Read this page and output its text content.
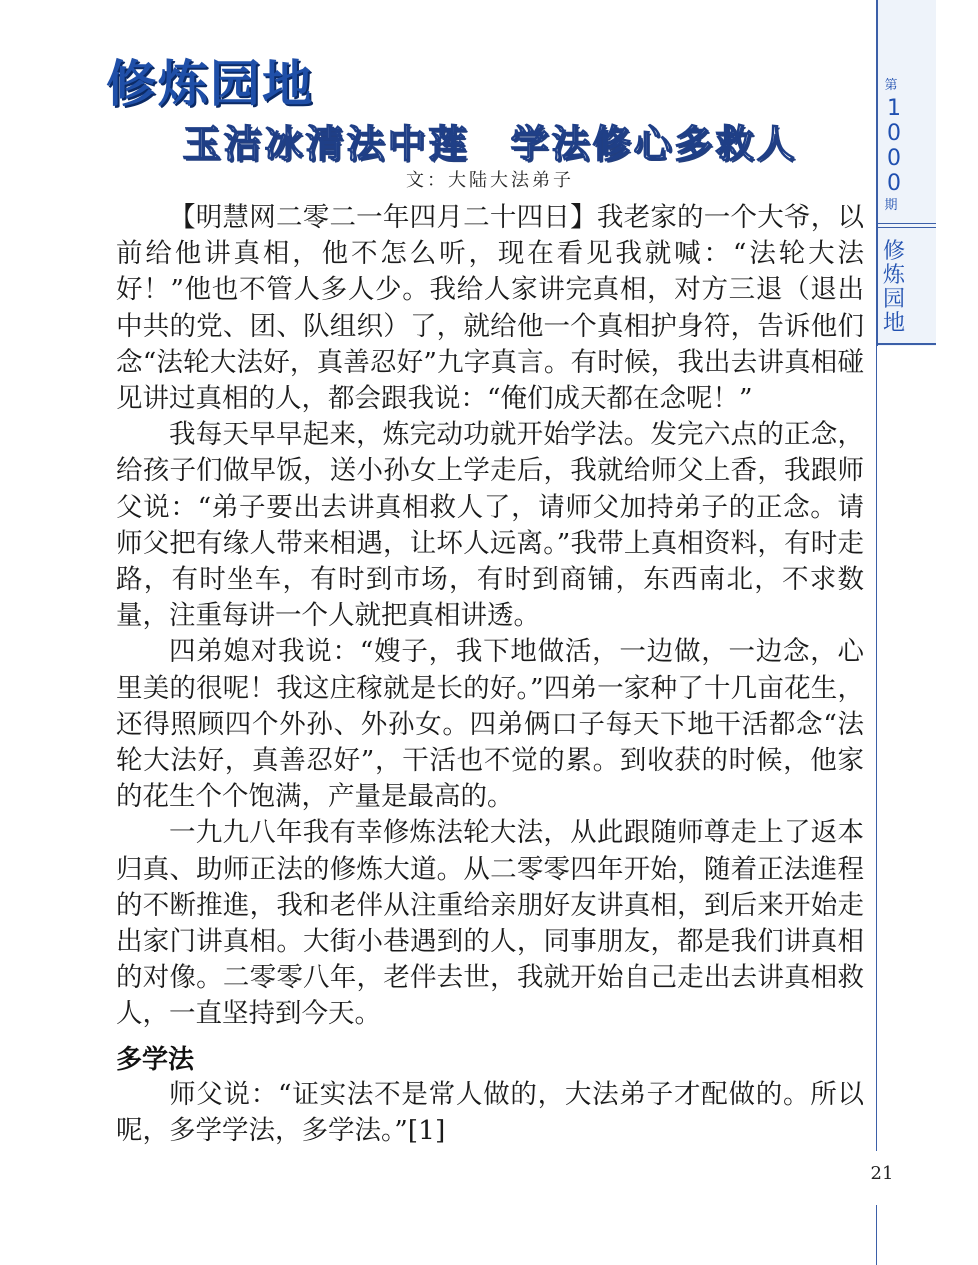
修炼园地
玉洁冰清法中莲　学法修心多救人
文：大陆大法弟子

【明慧网二零二一年四月二十四日】我老家的一个大爷，以前给他讲真相，他不怎么听，现在看见我就喊：“法轮大法好！”他也不管人多人少。我给人家讲完真相，对方三退（退出中共的党、团、队组织）了，就给他一个真相护身符，告诉他们念“法轮大法好，真善忍好”九字真言。有时候，我出去讲真相碰见讲过真相的人，都会跟我说：“俺们成天都在念呢！”

我每天早早起来，炼完动功就开始学法。发完六点的正念，给孩子们做早饭，送小孙女上学走后，我就给师父上香，我跟师父说：“弟子要出去讲真相救人了，请师父加持弟子的正念。请师父把有缘人带来相遇，让坏人远离。”我带上真相资料，有时走路，有时坐车，有时到市场，有时到商铺，东西南北，不求数量，注重每讲一个人就把真相讲透。

四弟媳对我说：“嫂子，我下地做活，一边做，一边念，心里美的很呢！我这庄稼就是长的好。”四弟一家种了十几亩花生，还得照顾四个外孙、外孙女。四弟俩口子每天下地干活都念“法轮大法好，真善忍好”，干活也不觉的累。到收获的时候，他家的花生个个饱满，产量是最高的。

一九九八年我有幸修炼法轮大法，从此跟随师尊走上了返本归真、助师正法的修炼大道。从二零零四年开始，随着正法進程的不断推進，我和老伴从注重给亲朋好友讲真相，到后来开始走出家门讲真相。大街小巷遇到的人，同事朋友，都是我们讲真相的对像。二零零八年，老伴去世，我就开始自己走出去讲真相救人，一直坚持到今天。

多学法

师父说：“证实法不是常人做的，大法弟子才配做的。所以呢，多学学法，多学法。”[1]

第
1000
期
修炼园地
21
